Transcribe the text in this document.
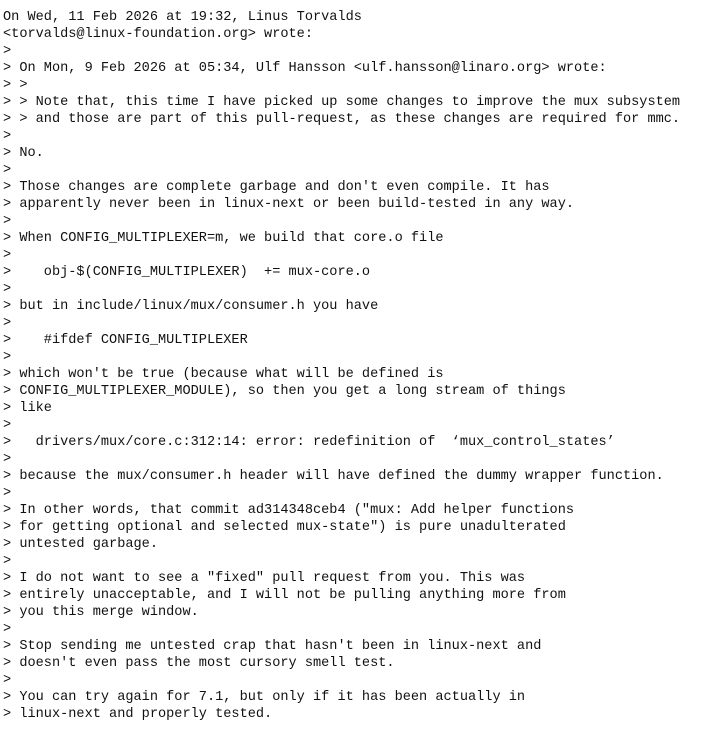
On Wed, 11 Feb 2026 at 19:32, Linus Torvalds
<torvalds@linux-foundation.org> wrote:
>
> On Mon, 9 Feb 2026 at 05:34, Ulf Hansson <ulf.hansson@linaro.org> wrote:
> >
> > Note that, this time I have picked up some changes to improve the mux subsystem
> > and those are part of this pull-request, as these changes are required for mmc.
>
> No.
>
> Those changes are complete garbage and don't even compile. It has
> apparently never been in linux-next or been build-tested in any way.
>
> When CONFIG_MULTIPLEXER=m, we build that core.o file
>
>    obj-$(CONFIG_MULTIPLEXER)  += mux-core.o
>
> but in include/linux/mux/consumer.h you have
>
>    #ifdef CONFIG_MULTIPLEXER
>
> which won't be true (because what will be defined is
> CONFIG_MULTIPLEXER_MODULE), so then you get a long stream of things
> like
>
>   drivers/mux/core.c:312:14: error: redefinition of  ‘mux_control_states’
>
> because the mux/consumer.h header will have defined the dummy wrapper function.
>
> In other words, that commit ad314348ceb4 ("mux: Add helper functions
> for getting optional and selected mux-state") is pure unadulterated
> untested garbage.
>
> I do not want to see a "fixed" pull request from you. This was
> entirely unacceptable, and I will not be pulling anything more from
> you this merge window.
>
> Stop sending me untested crap that hasn't been in linux-next and
> doesn't even pass the most cursory smell test.
>
> You can try again for 7.1, but only if it has been actually in
> linux-next and properly tested.
